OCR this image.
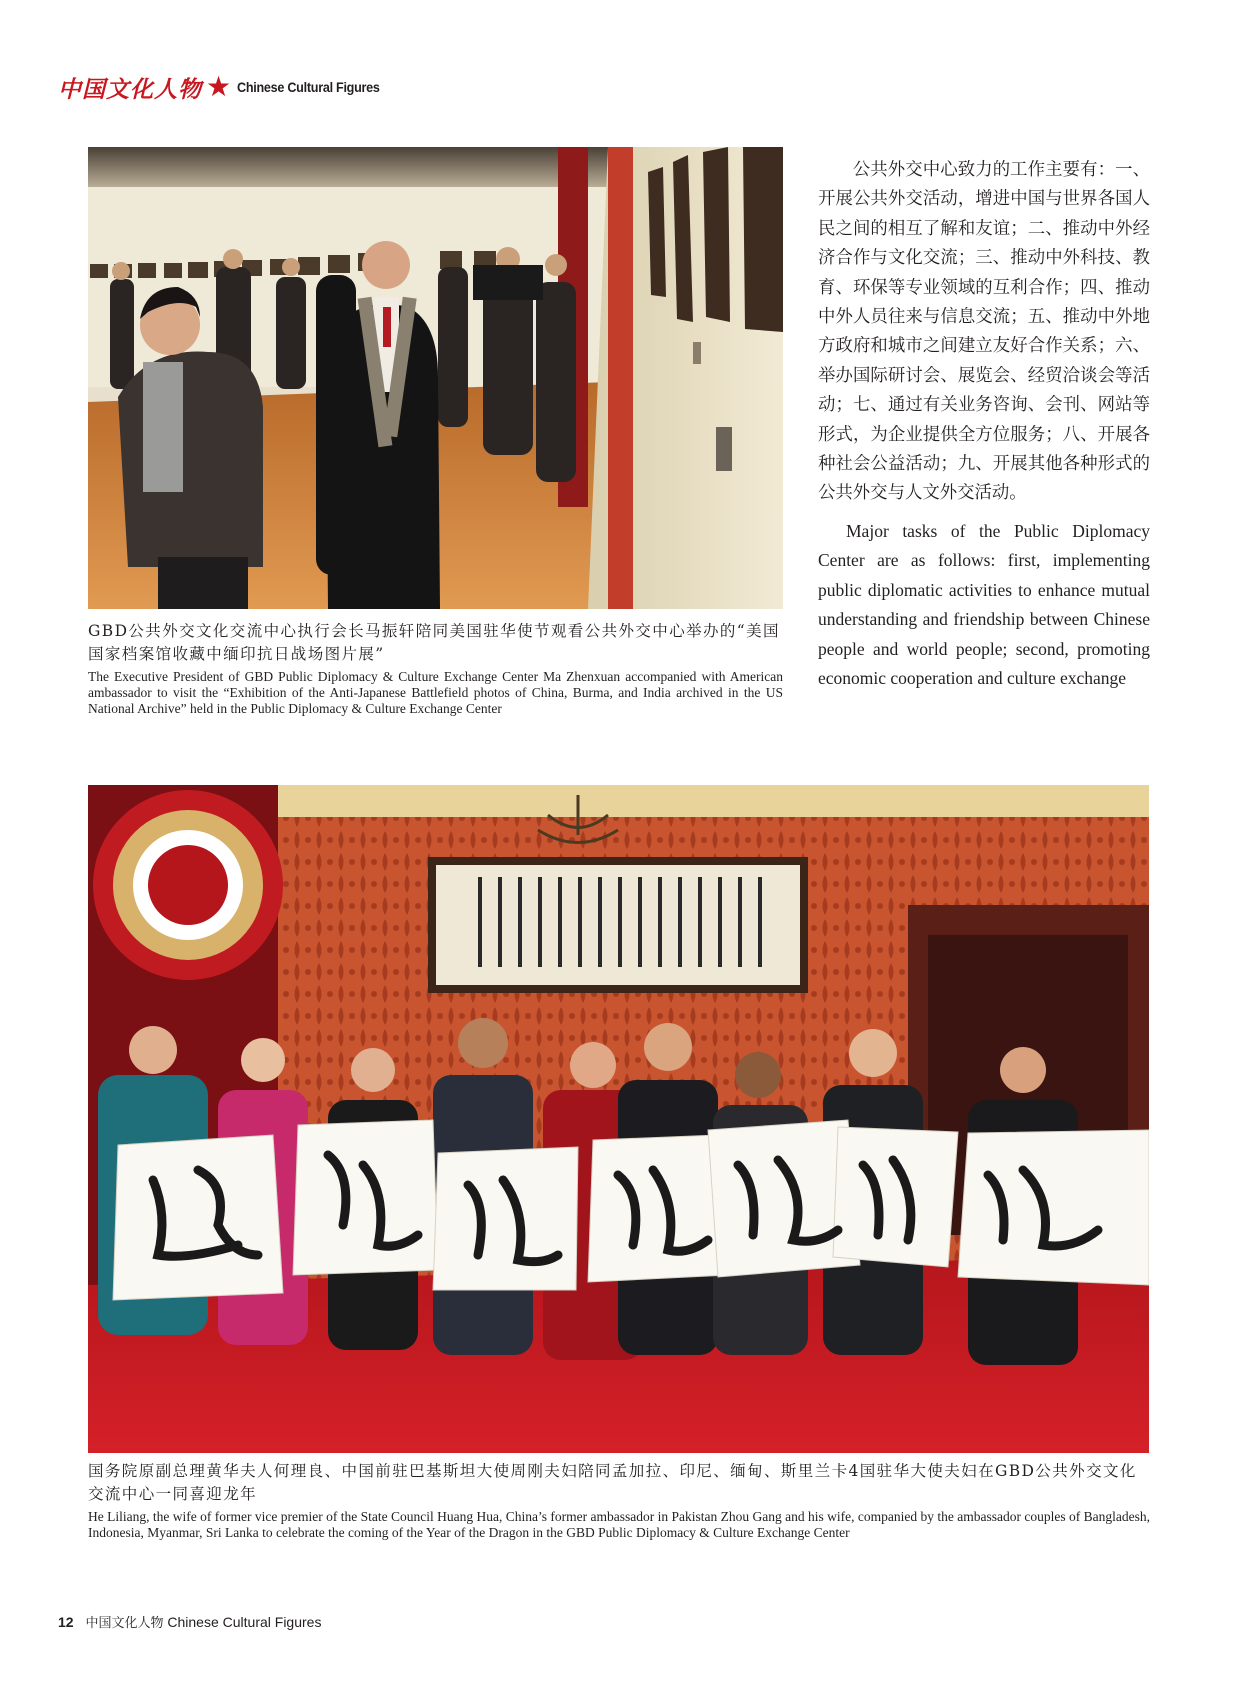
中国文化人物 ★ Chinese Cultural Figures
GBD公共外交文化交流中心执行会长马振轩陪同美国驻华使节观看公共外交中心举办的“美国国家档案馆收藏中缅印抗日战场图片展”
The Executive President of GBD Public Diplomacy & Culture Exchange Center Ma Zhenxuan accompanied with American ambassador to visit the “Exhibition of the Anti-Japanese Battlefield photos of China, Burma, and India archived in the US National Archive” held in the Public Diplomacy & Culture Exchange Center

公共外交中心致力的工作主要有：一、开展公共外交活动，增进中国与世界各国人民之间的相互了解和友谊；二、推动中外经济合作与文化交流；三、推动中外科技、教育、环保等专业领域的互利合作；四、推动中外人员往来与信息交流；五、推动中外地方政府和城市之间建立友好合作关系；六、举办国际研讨会、展览会、经贸洽谈会等活动；七、通过有关业务咨询、会刊、网站等形式，为企业提供全方位服务；八、开展各种社会公益活动；九、开展其他各种形式的公共外交与人文外交活动。

Major tasks of the Public Diplomacy Center are as follows: first, implementing public diplomatic activities to enhance mutual understanding and friendship between Chinese people and world people; second, promoting economic cooperation and culture exchange

国务院原副总理黄华夫人何理良、中国前驻巴基斯坦大使周刚夫妇陪同孟加拉、印尼、缅甸、斯里兰卡4国驻华大使夫妇在GBD公共外交文化交流中心一同喜迎龙年
He Liliang, the wife of former vice premier of the State Council Huang Hua, China’s former ambassador in Pakistan Zhou Gang and his wife, companied by the ambassador couples of Bangladesh, Indonesia, Myanmar, Sri Lanka to celebrate the coming of the Year of the Dragon in the GBD Public Diplomacy & Culture Exchange Center
12 中国文化人物 Chinese Cultural Figures
